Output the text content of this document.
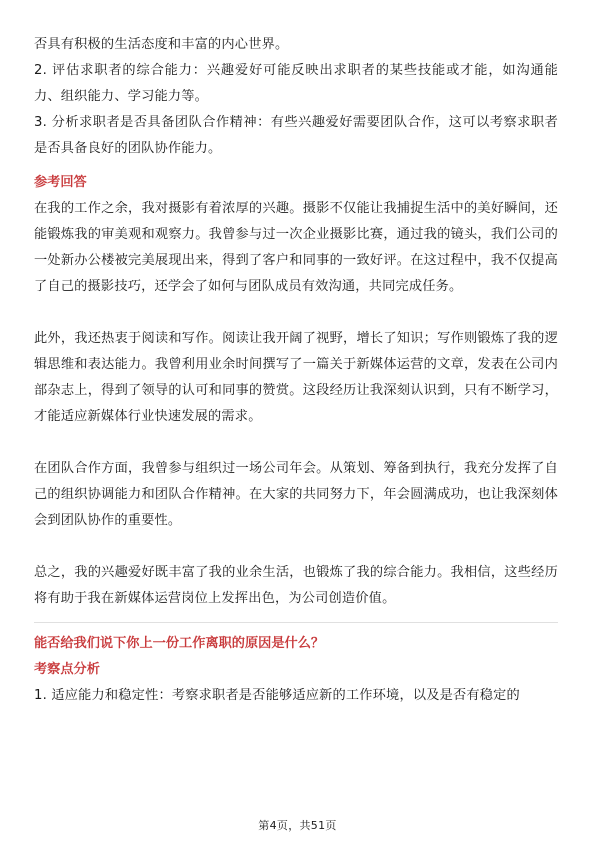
否具有积极的生活态度和丰富的内心世界。

2. 评估求职者的综合能力：兴趣爱好可能反映出求职者的某些技能或才能，如沟通能力、组织能力、学习能力等。

3. 分析求职者是否具备团队合作精神：有些兴趣爱好需要团队合作，这可以考察求职者是否具备良好的团队协作能力。

参考回答

在我的工作之余，我对摄影有着浓厚的兴趣。摄影不仅能让我捕捉生活中的美好瞬间，还能锻炼我的审美观和观察力。我曾参与过一次企业摄影比赛，通过我的镜头，我们公司的一处新办公楼被完美展现出来，得到了客户和同事的一致好评。在这过程中，我不仅提高了自己的摄影技巧，还学会了如何与团队成员有效沟通，共同完成任务。

此外，我还热衷于阅读和写作。阅读让我开阔了视野，增长了知识；写作则锻炼了我的逻辑思维和表达能力。我曾利用业余时间撰写了一篇关于新媒体运营的文章，发表在公司内部杂志上，得到了领导的认可和同事的赞赏。这段经历让我深刻认识到，只有不断学习，才能适应新媒体行业快速发展的需求。

在团队合作方面，我曾参与组织过一场公司年会。从策划、筹备到执行，我充分发挥了自己的组织协调能力和团队合作精神。在大家的共同努力下，年会圆满成功，也让我深刻体会到团队协作的重要性。

总之，我的兴趣爱好既丰富了我的业余生活，也锻炼了我的综合能力。我相信，这些经历将有助于我在新媒体运营岗位上发挥出色，为公司创造价值。

能否给我们说下你上一份工作离职的原因是什么？

考察点分析

1. 适应能力和稳定性：考察求职者是否能够适应新的工作环境，以及是否有稳定的

第4页，共51页
